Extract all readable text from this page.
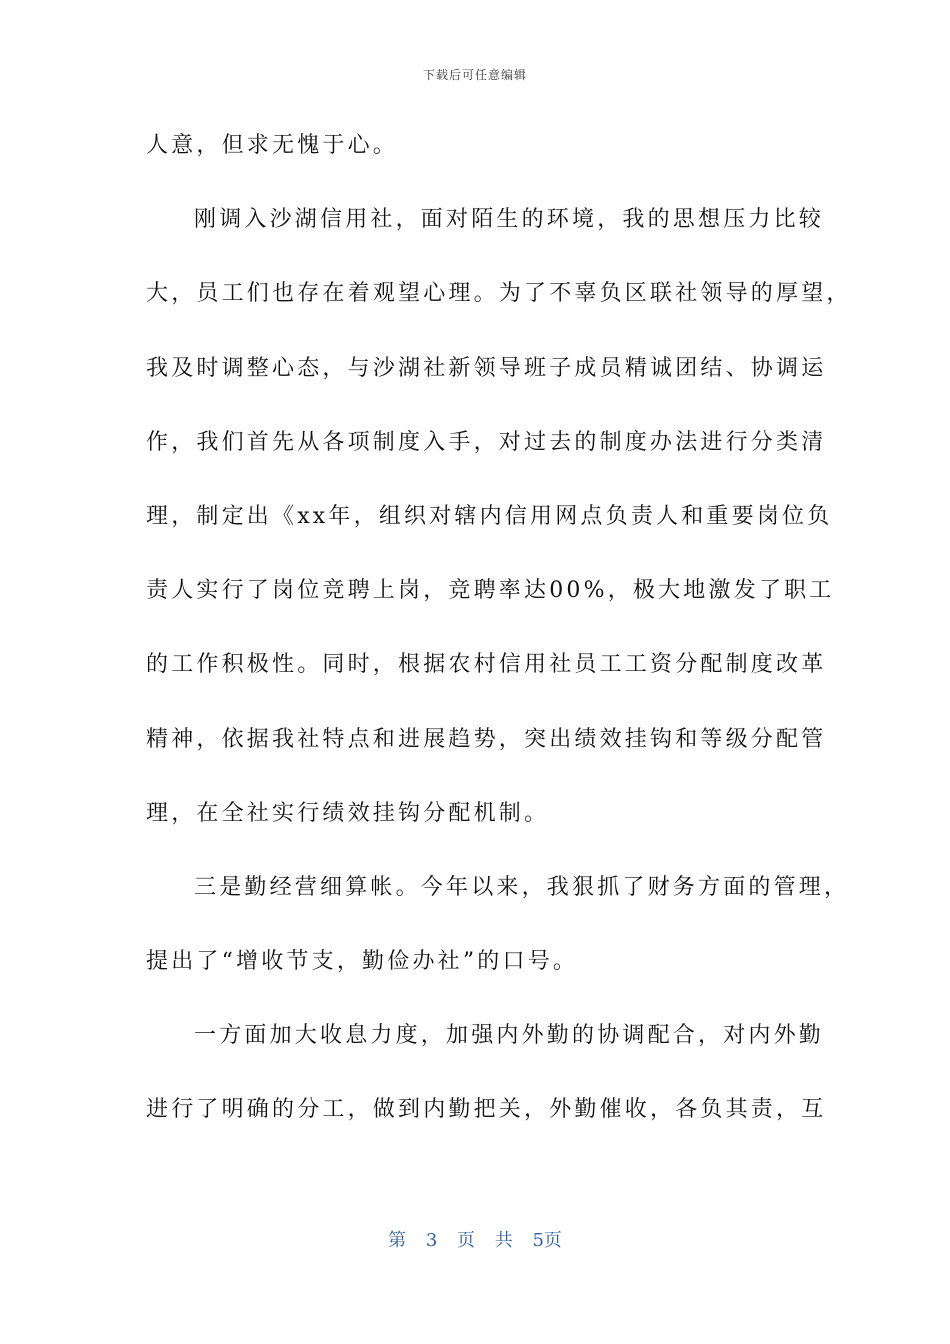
下载后可任意编辑
人意，但求无愧于心。
刚调入沙湖信用社，面对陌生的环境，我的思想压力比较
大，员工们也存在着观望心理。为了不辜负区联社领导的厚望，
我及时调整心态，与沙湖社新领导班子成员精诚团结、协调运
作，我们首先从各项制度入手，对过去的制度办法进行分类清
理，制定出《xx年，组织对辖内信用网点负责人和重要岗位负
责人实行了岗位竞聘上岗，竞聘率达00%，极大地激发了职工
的工作积极性。同时，根据农村信用社员工工资分配制度改革
精神，依据我社特点和进展趋势，突出绩效挂钩和等级分配管
理，在全社实行绩效挂钩分配机制。
三是勤经营细算帐。今年以来，我狠抓了财务方面的管理，
提出了“增收节支，勤俭办社”的口号。
一方面加大收息力度，加强内外勤的协调配合，对内外勤
进行了明确的分工，做到内勤把关，外勤催收，各负其责，互
第 3 页 共 5页
